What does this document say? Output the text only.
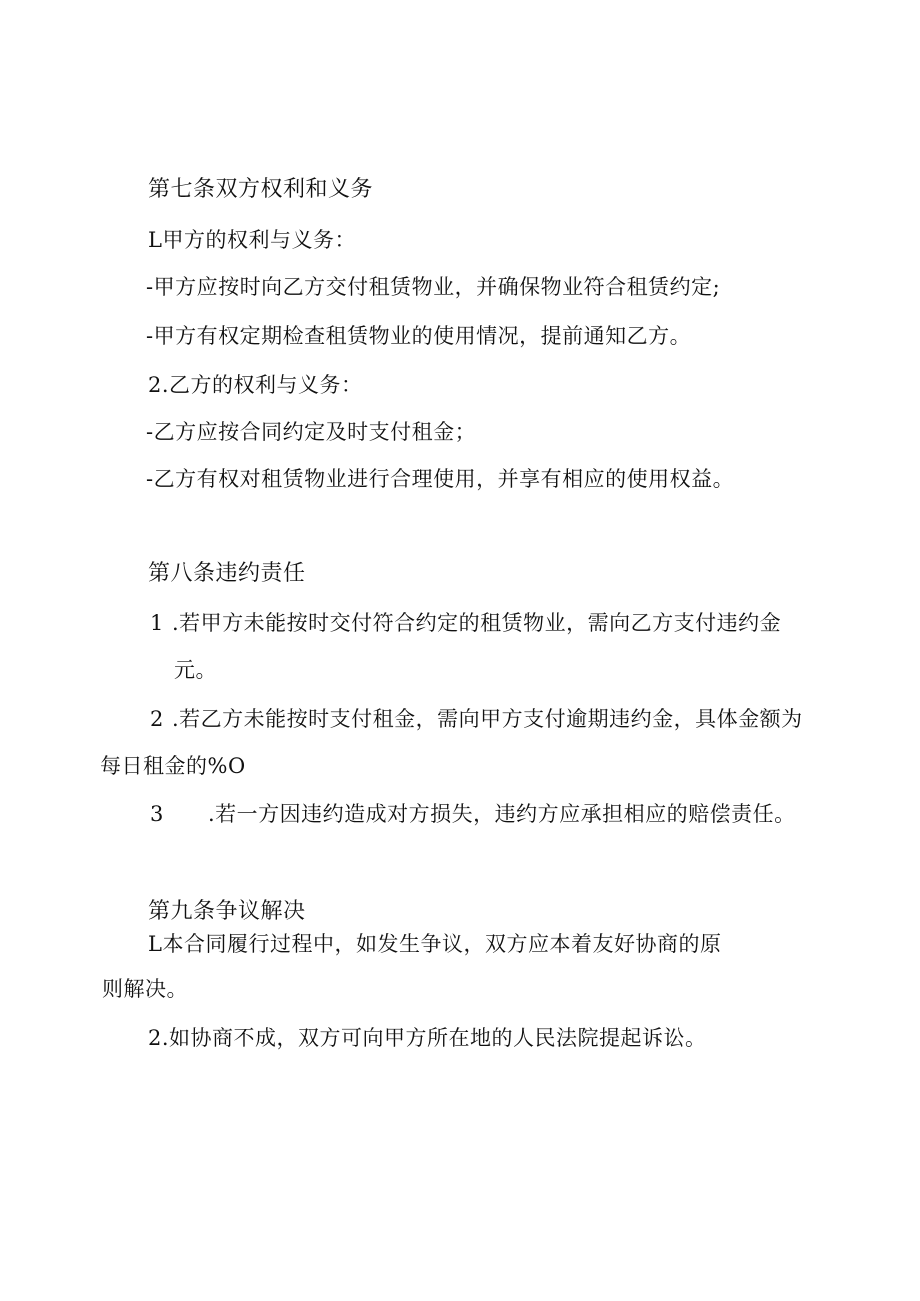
第七条双方权利和义务
L甲方的权利与义务：
-甲方应按时向乙方交付租赁物业，并确保物业符合租赁约定;
-甲方有权定期检查租赁物业的使用情况，提前通知乙方。
2.乙方的权利与义务：
-乙方应按合同约定及时支付租金；
-乙方有权对租赁物业进行合理使用，并享有相应的使用权益。
第八条违约责任
1 .若甲方未能按时交付符合约定的租赁物业，需向乙方支付违约金
元。
2 .若乙方未能按时支付租金，需向甲方支付逾期违约金，具体金额为
每日租金的%O
3 .若一方因违约造成对方损失，违约方应承担相应的赔偿责任。
第九条争议解决
L本合同履行过程中，如发生争议，双方应本着友好协商的原
则解决。
2.如协商不成，双方可向甲方所在地的人民法院提起诉讼。
